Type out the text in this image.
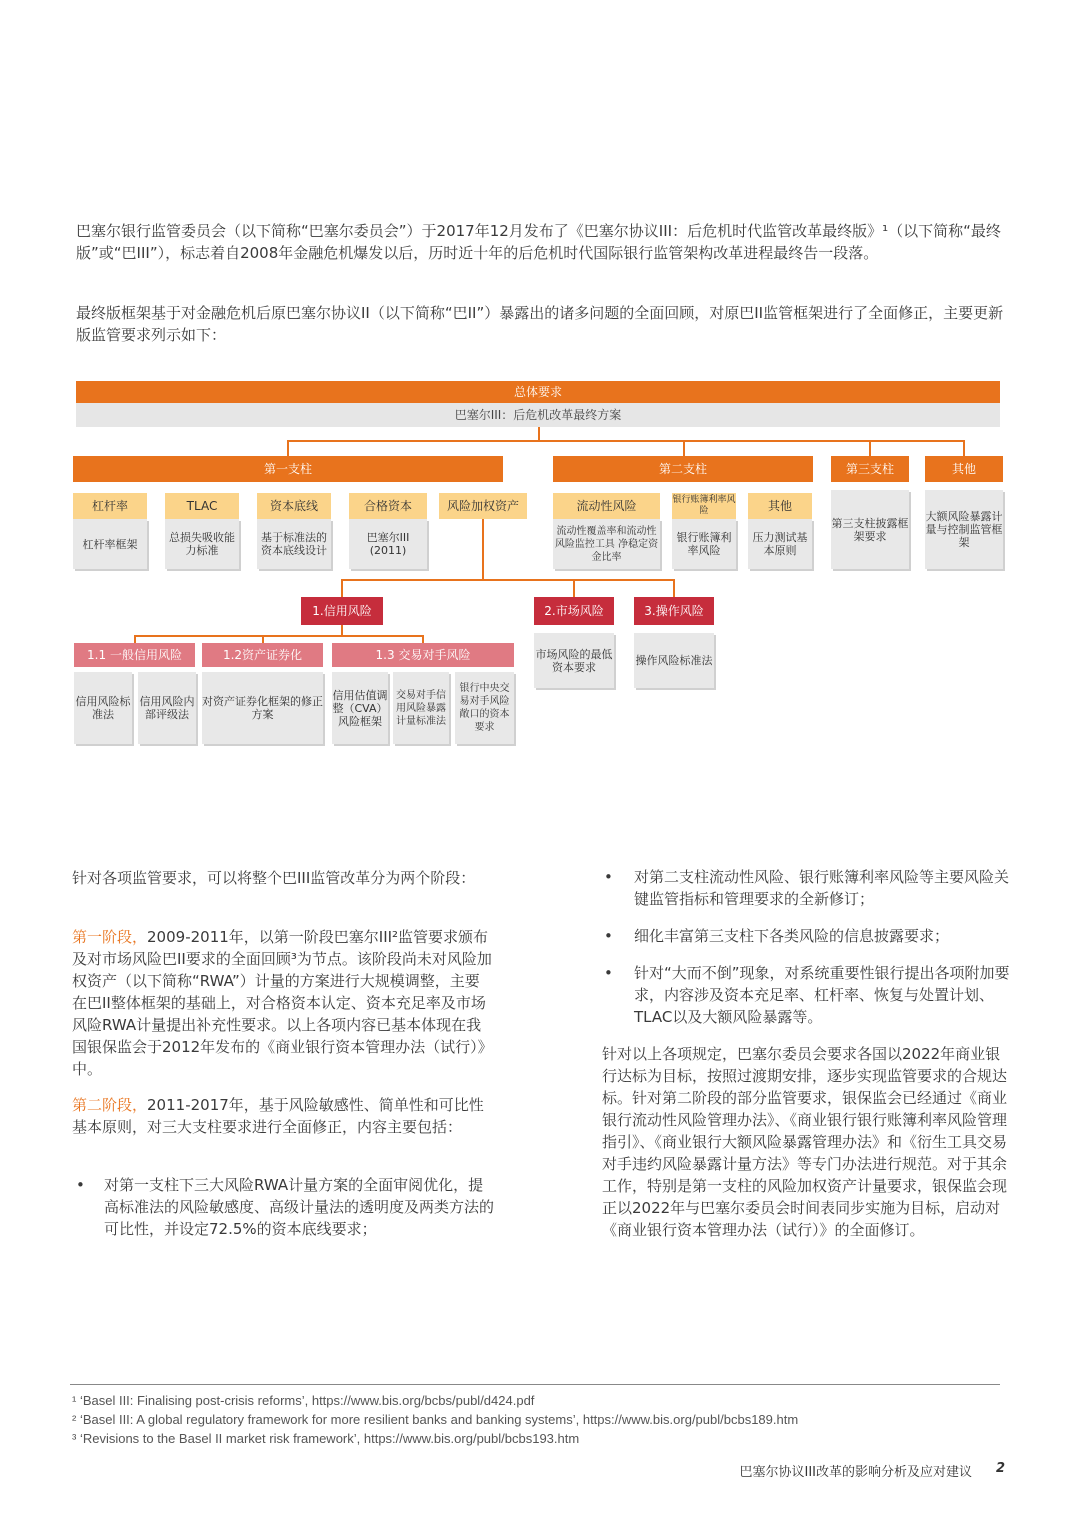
巴塞尔银行监管委员会（以下简称“巴塞尔委员会”）于2017年12月发布了《巴塞尔协议III：后危机时代监管改革最终版》¹（以下简称“最终版”或“巴III”），标志着自2008年金融危机爆发以后，历时近十年的后危机时代国际银行监管架构改革进程最终告一段落。

最终版框架基于对金融危机后原巴塞尔协议II（以下简称“巴II”）暴露出的诸多问题的全面回顾，对原巴II监管框架进行了全面修正，主要更新版监管要求列示如下：

总体要求
巴塞尔III：后危机改革最终方案
第一支柱	第二支柱	第三支柱	其他
杠杆率
杠杆率框架
TLAC
总损失吸收能力标准
资本底线
基于标准法的资本底线设计
合格资本
巴塞尔III (2011)
风险加权资产	流动性风险
流动性覆盖率和流动性风险监控工具 净稳定资金比率
银行账簿利率风险
银行账簿利率风险
其他
压力测试基本原则
第三支柱披露框架要求
大额风险暴露计量与控制监管框架
1.信用风险	2.市场风险	3.操作风险
市场风险的最低资本要求	操作风险标准法
1.1 一般信用风险	1.2资产证券化	1.3 交易对手风险
信用风险标准法
信用风险内部评级法
对资产证券化框架的修正方案
信用估值调整（CVA）风险框架
交易对手信用风险暴露计量标准法
银行中央交易对手风险敞口的资本要求

针对各项监管要求，可以将整个巴III监管改革分为两个阶段：

第一阶段，2009-2011年，以第一阶段巴塞尔III²监管要求颁布及对市场风险巴II要求的全面回顾³为节点。该阶段尚未对风险加权资产（以下简称“RWA”）计量的方案进行大规模调整，主要在巴II整体框架的基础上，对合格资本认定、资本充足率及市场风险RWA计量提出补充性要求。以上各项内容已基本体现在我国银保监会于2012年发布的《商业银行资本管理办法（试行）》中。

第二阶段，2011-2017年，基于风险敏感性、简单性和可比性基本原则，对三大支柱要求进行全面修正，内容主要包括：

• 对第一支柱下三大风险RWA计量方案的全面审阅优化，提高标准法的风险敏感度、高级计量法的透明度及两类方法的可比性，并设定72.5%的资本底线要求；

• 对第二支柱流动性风险、银行账簿利率风险等主要风险关键监管指标和管理要求的全新修订；

• 细化丰富第三支柱下各类风险的信息披露要求；

• 针对“大而不倒”现象，对系统重要性银行提出各项附加要求，内容涉及资本充足率、杠杆率、恢复与处置计划、TLAC以及大额风险暴露等。

针对以上各项规定，巴塞尔委员会要求各国以2022年商业银行达标为目标，按照过渡期安排，逐步实现监管要求的合规达标。针对第二阶段的部分监管要求，银保监会已经通过《商业银行流动性风险管理办法》、《商业银行银行账簿利率风险管理指引》、《商业银行大额风险暴露管理办法》和《衍生工具交易对手违约风险暴露计量方法》等专门办法进行规范。对于其余工作，特别是第一支柱的风险加权资产计量要求，银保监会现正以2022年与巴塞尔委员会时间表同步实施为目标，启动对《商业银行资本管理办法（试行）》的全面修订。

¹ ‘Basel III: Finalising post-crisis reforms’, https://www.bis.org/bcbs/publ/d424.pdf
² ‘Basel III: A global regulatory framework for more resilient banks and banking systems’, https://www.bis.org/publ/bcbs189.htm
³ ‘Revisions to the Basel II market risk framework’, https://www.bis.org/publ/bcbs193.htm
巴塞尔协议III改革的影响分析及应对建议 2
